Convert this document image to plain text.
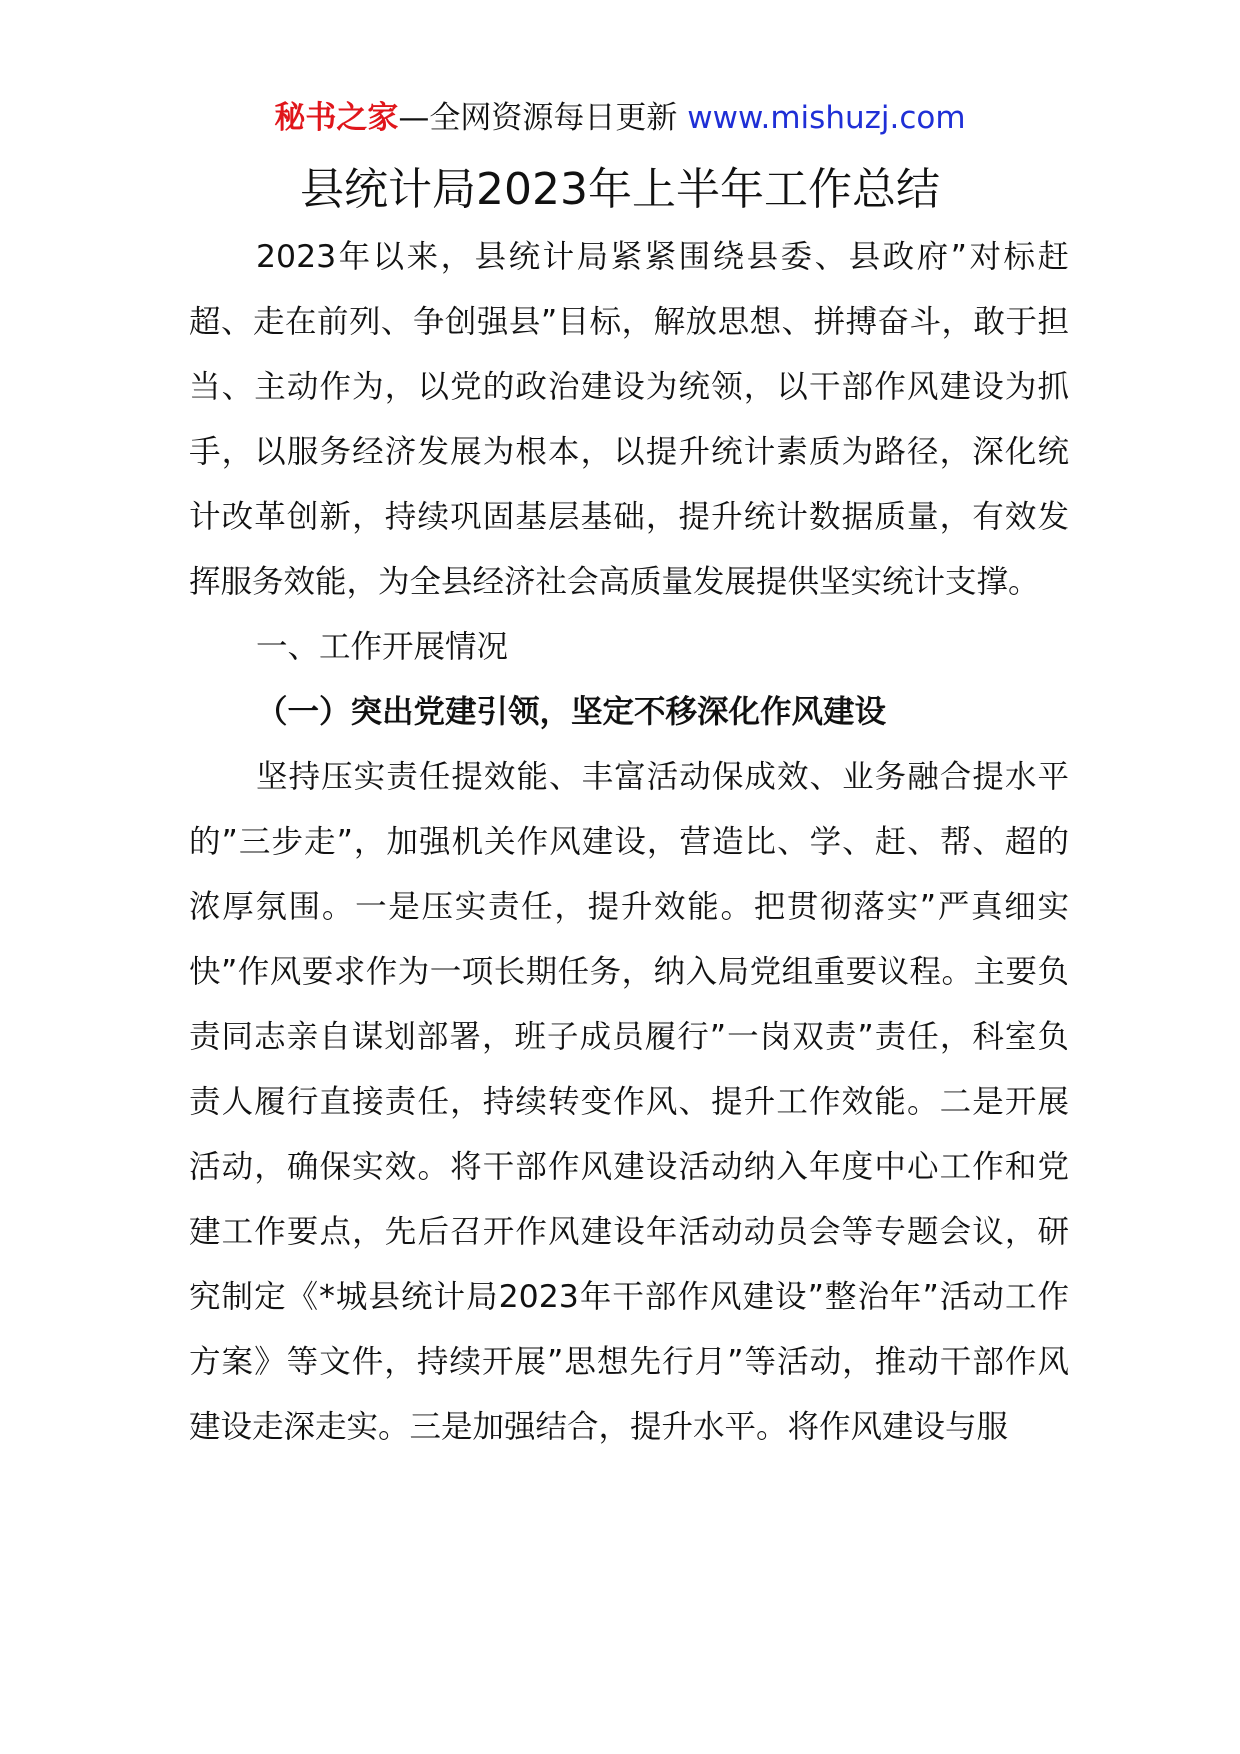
秘书之家—全网资源每日更新 www.mishuzj.com
县统计局2023年上半年工作总结

2023年以来，县统计局紧紧围绕县委、县政府”对标赶超、走在前列、争创强县”目标，解放思想、拼搏奋斗，敢于担当、主动作为，以党的政治建设为统领，以干部作风建设为抓手，以服务经济发展为根本，以提升统计素质为路径，深化统计改革创新，持续巩固基层基础，提升统计数据质量，有效发挥服务效能，为全县经济社会高质量发展提供坚实统计支撑。

一、工作开展情况

（一）突出党建引领，坚定不移深化作风建设

坚持压实责任提效能、丰富活动保成效、业务融合提水平的”三步走”，加强机关作风建设，营造比、学、赶、帮、超的浓厚氛围。一是压实责任，提升效能。把贯彻落实”严真细实快”作风要求作为一项长期任务，纳入局党组重要议程。主要负责同志亲自谋划部署，班子成员履行”一岗双责”责任，科室负责人履行直接责任，持续转变作风、提升工作效能。二是开展活动，确保实效。将干部作风建设活动纳入年度中心工作和党建工作要点，先后召开作风建设年活动动员会等专题会议，研究制定《*城县统计局2023年干部作风建设”整治年”活动工作方案》等文件，持续开展”思想先行月”等活动，推动干部作风建设走深走实。三是加强结合，提升水平。将作风建设与服
